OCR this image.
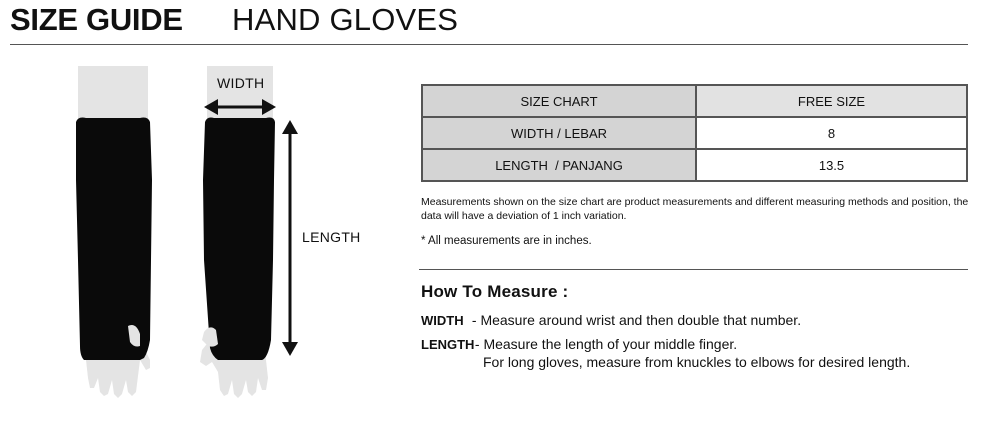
SIZE GUIDE HAND GLOVES
WIDTH
LENGTH
SIZE CHART	FREE SIZE
WIDTH / LEBAR	8
LENGTH  / PANJANG	13.5
Measurements shown on the size chart are product measurements and different measuring methods and position, the data will have a deviation of 1 inch variation.
* All measurements are in inches.
How To Measure :
WIDTH - Measure around wrist and then double that number.
LENGTH
- Measure the length of your middle finger.
For long gloves, measure from knuckles to elbows for desired length.
